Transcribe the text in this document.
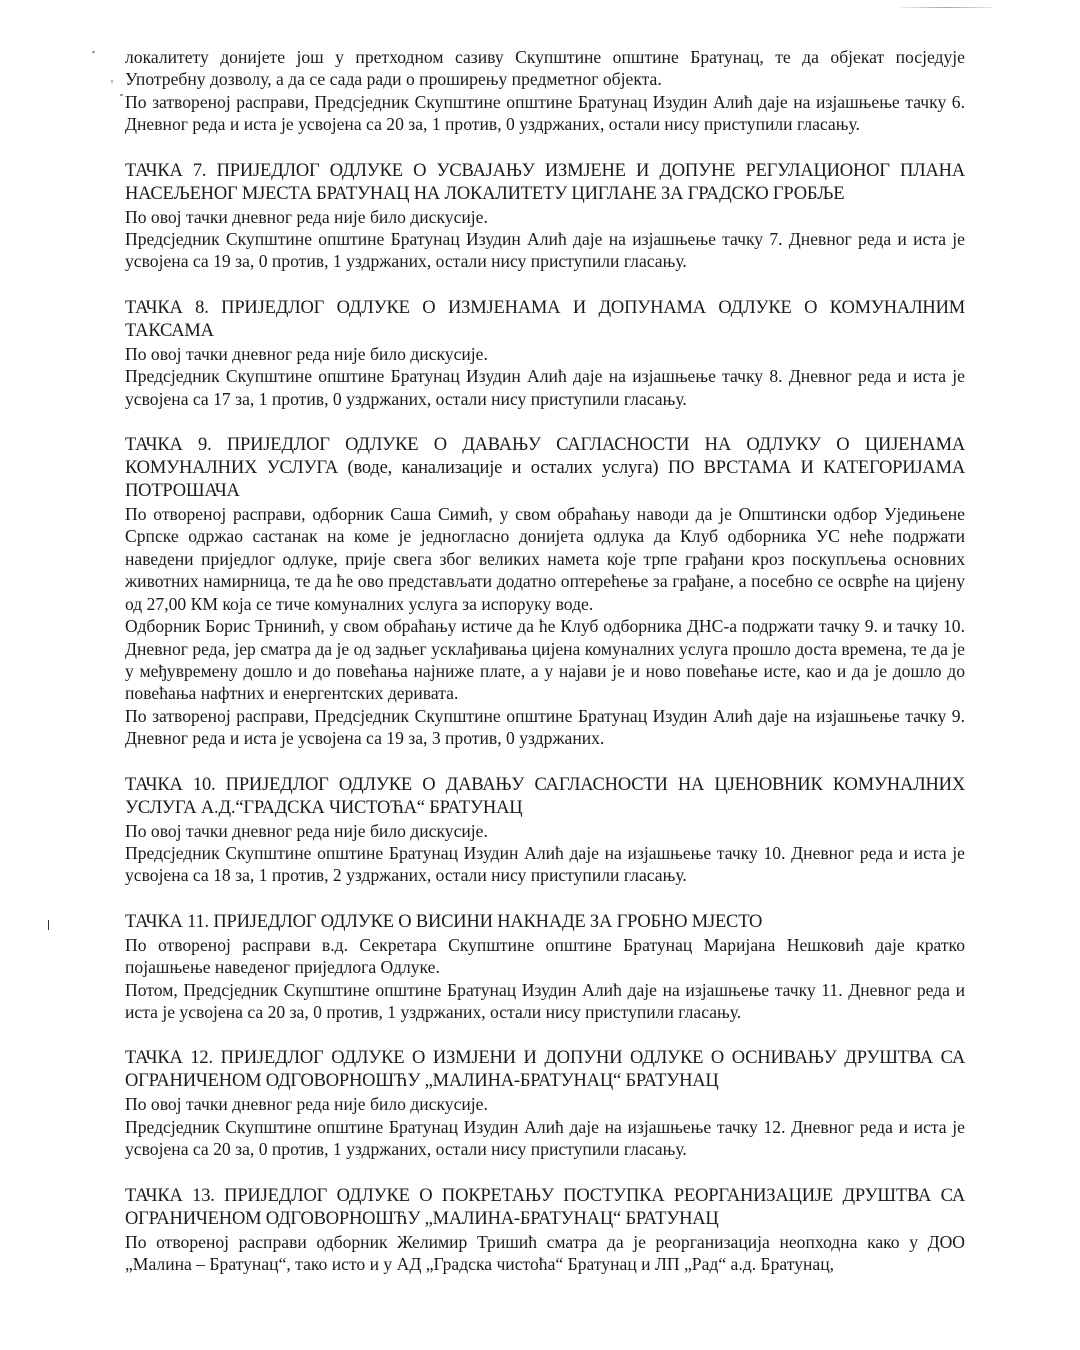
локалитету донијете још у претходном сазиву Скупштине општине Братунац, те да објекат посједује Употребну дозволу, а да се сада ради о проширењу предметног објекта.

По затвореној расправи, Предсједник Скупштине општине Братунац Изудин Алић даје на изјашњење тачку 6. Дневног реда и иста је усвојена са 20 за, 1 против, 0 уздржаних, остали нису приступили гласању.

ТАЧКА 7. ПРИЈЕДЛОГ ОДЛУКЕ О УСВАЈАЊУ ИЗМЈЕНЕ И ДОПУНЕ РЕГУЛАЦИОНОГ ПЛАНА НАСЕЉЕНОГ МЈЕСТА БРАТУНАЦ НА ЛОКАЛИТЕТУ ЦИГЛАНЕ ЗА ГРАДСКО ГРОБЉЕ

По овој тачки дневног реда није било дискусије.

Предсједник Скупштине општине Братунац Изудин Алић даје на изјашњење тачку 7. Дневног реда и иста је усвојена са 19 за, 0 против, 1 уздржаних, остали нису приступили гласању.

ТАЧКА 8. ПРИЈЕДЛОГ ОДЛУКЕ О ИЗМЈЕНАМА И ДОПУНАМА ОДЛУКЕ О КОМУНАЛНИМ ТАКСАМА

По овој тачки дневног реда није било дискусије.

Предсједник Скупштине општине Братунац Изудин Алић даје на изјашњење тачку 8. Дневног реда и иста је усвојена са 17 за, 1 против, 0 уздржаних, остали нису приступили гласању.

ТАЧКА 9. ПРИЈЕДЛОГ ОДЛУКЕ О ДАВАЊУ САГЛАСНОСТИ НА ОДЛУКУ О ЦИЈЕНАМА КОМУНАЛНИХ УСЛУГА (воде, канализације и осталих услуга) ПО ВРСТАМА И КАТЕГОРИЈАМА ПОТРОШАЧА

По отвореној расправи, одборник Саша Симић, у свом обраћању наводи да је Општински одбор Уједињене Српске одржао састанак на коме је једногласно донијета одлука да Клуб одборника УС неће подржати наведени приједлог одлуке, прије свега због великих намета које трпе грађани кроз поскупљења основних животних намирница, те да ће ово представљати додатно оптерећење за грађане, а посебно се осврће на цијену од 27,00 КМ која се тиче комуналних услуга за испоруку воде.

Одборник Борис Трнинић, у свом обраћању истиче да ће Клуб одборника ДНС-а подржати тачку 9. и тачку 10. Дневног реда, јер сматра да је од задњег усклађивања цијена комуналних услуга прошло доста времена, те да је у међувремену дошло и до повећања најниже плате, а у најави је и ново повећање исте, као и да је дошло до повећања нафтних и енергентских деривата.

По затвореној расправи, Предсједник Скупштине општине Братунац Изудин Алић даје на изјашњење тачку 9. Дневног реда и иста је усвојена са 19 за, 3 против, 0 уздржаних.

ТАЧКА 10. ПРИЈЕДЛОГ ОДЛУКЕ О ДАВАЊУ САГЛАСНОСТИ НА ЦЈЕНОВНИК КОМУНАЛНИХ УСЛУГА А.Д.“ГРАДСКА ЧИСТОЋА“ БРАТУНАЦ

По овој тачки дневног реда није било дискусије.

Предсједник Скупштине општине Братунац Изудин Алић даје на изјашњење тачку 10. Дневног реда и иста је усвојена са 18 за, 1 против, 2 уздржаних, остали нису приступили гласању.

ТАЧКА 11. ПРИЈЕДЛОГ ОДЛУКЕ О ВИСИНИ НАКНАДЕ ЗА ГРОБНО МЈЕСТО

По отвореној расправи в.д. Секретара Скупштине општине Братунац Маријана Нешковић даје кратко појашњење наведеног приједлога Одлуке.

Потом, Предсједник Скупштине општине Братунац Изудин Алић даје на изјашњење тачку 11. Дневног реда и иста је усвојена са 20 за, 0 против, 1 уздржаних, остали нису приступили гласању.

ТАЧКА 12. ПРИЈЕДЛОГ ОДЛУКЕ О ИЗМЈЕНИ И ДОПУНИ ОДЛУКЕ О ОСНИВАЊУ ДРУШТВА СА ОГРАНИЧЕНОМ ОДГОВОРНОШЋУ „МАЛИНА-БРАТУНАЦ“ БРАТУНАЦ

По овој тачки дневног реда није било дискусије.

Предсједник Скупштине општине Братунац Изудин Алић даје на изјашњење тачку 12. Дневног реда и иста је усвојена са 20 за, 0 против, 1 уздржаних, остали нису приступили гласању.

ТАЧКА 13. ПРИЈЕДЛОГ ОДЛУКЕ О ПОКРЕТАЊУ ПОСТУПКА РЕОРГАНИЗАЦИЈЕ ДРУШТВА СА ОГРАНИЧЕНОМ ОДГОВОРНОШЋУ „МАЛИНА-БРАТУНАЦ“ БРАТУНАЦ

По отвореној расправи одборник Желимир Тришић сматра да је реорганизација неопходна како у ДОО „Малина – Братунац“, тако исто и у АД „Градска чистоћа“ Братунац и ЛП „Рад“ а.д. Братунац,
